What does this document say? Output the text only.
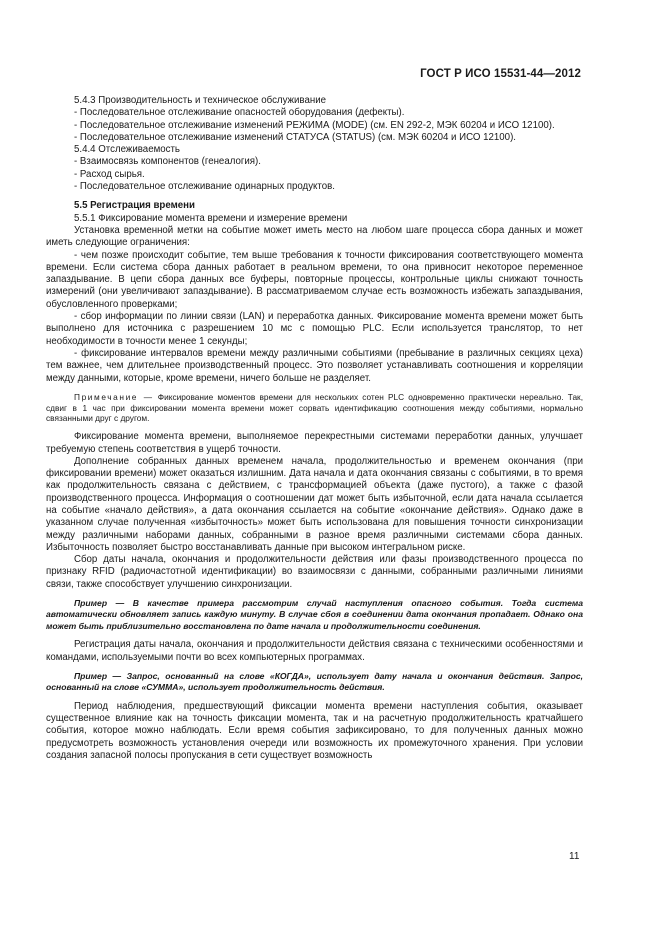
ГОСТ Р ИСО 15531-44—2012

5.4.3 Производительность и техническое обслуживание

- Последовательное отслеживание опасностей оборудования (дефекты).

- Последовательное отслеживание изменений РЕЖИМА (MODE) (см. EN 292-2, МЭК 60204 и ИСО 12100).

- Последовательное отслеживание изменений СТАТУСА (STATUS) (см. МЭК 60204 и ИСО 12100).

5.4.4 Отслеживаемость

- Взаимосвязь компонентов (генеалогия).

- Расход сырья.

- Последовательное отслеживание одинарных продуктов.

5.5 Регистрация времени

5.5.1 Фиксирование момента времени и измерение времени

Установка временной метки на событие может иметь место на любом шаге процесса сбора данных и может иметь следующие ограничения:

- чем позже происходит событие, тем выше требования к точности фиксирования соответствующего момента времени. Если система сбора данных работает в реальном времени, то она привносит некоторое переменное запаздывание. В цепи сбора данных все буферы, повторные процессы, контрольные циклы снижают точность измерений (они увеличивают запаздывание). В рассматриваемом случае есть возможность избежать запаздывания, обусловленного проверками;

- сбор информации по линии связи (LAN) и переработка данных. Фиксирование момента времени может быть выполнено для источника с разрешением 10 мс с помощью PLC. Если используется транслятор, то нет необходимости в точности менее 1 секунды;

- фиксирование интервалов времени между различными событиями (пребывание в различных секциях цеха) тем важнее, чем длительнее производственный процесс. Это позволяет устанавливать соотношения и корреляции между данными, которые, кроме времени, ничего больше не разделяет.

Примечание — Фиксирование моментов времени для нескольких сотен PLC одновременно практически нереально. Так, сдвиг в 1 час при фиксировании момента времени может сорвать идентификацию соотношения между событиями, нормально связанными друг с другом.

Фиксирование момента времени, выполняемое перекрестными системами переработки данных, улучшает требуемую степень соответствия в ущерб точности.

Дополнение собранных данных временем начала, продолжительностью и временем окончания (при фиксировании времени) может оказаться излишним. Дата начала и дата окончания связаны с событиями, в то время как продолжительность связана с действием, с трансформацией объекта (даже пустого), а также с фазой производственного процесса. Информация о соотношении дат может быть избыточной, если дата начала ссылается на событие «начало действия», а дата окончания ссылается на событие «окончание действия». Однако даже в указанном случае полученная «избыточность» может быть использована для повышения точности синхронизации между различными наборами данных, собранными в разное время различными системами сбора данных. Избыточность позволяет быстро восстанавливать данные при высоком интегральном риске.

Сбор даты начала, окончания и продолжительности действия или фазы производственного процесса по признаку RFID (радиочастотной идентификации) во взаимосвязи с данными, собранными различными линиями связи, также способствует улучшению синхронизации.

Пример — В качестве примера рассмотрим случай наступления опасного события. Тогда система автоматически обновляет запись каждую минуту. В случае сбоя в соединении дата окончания пропадает. Однако она может быть приблизительно восстановлена по дате начала и продолжительности соединения.

Регистрация даты начала, окончания и продолжительности действия связана с техническими особенностями и командами, используемыми почти во всех компьютерных программах.

Пример — Запрос, основанный на слове «КОГДА», использует дату начала и окончания действия. Запрос, основанный на слове «СУММА», использует продолжительность действия.

Период наблюдения, предшествующий фиксации момента времени наступления события, оказывает существенное влияние как на точность фиксации момента, так и на расчетную продолжительность кратчайшего события, которое можно наблюдать. Если время события зафиксировано, то для полученных данных можно предусмотреть возможность установления очереди или возможность их промежуточного хранения. При условии создания запасной полосы пропускания в сети существует возможность

11
